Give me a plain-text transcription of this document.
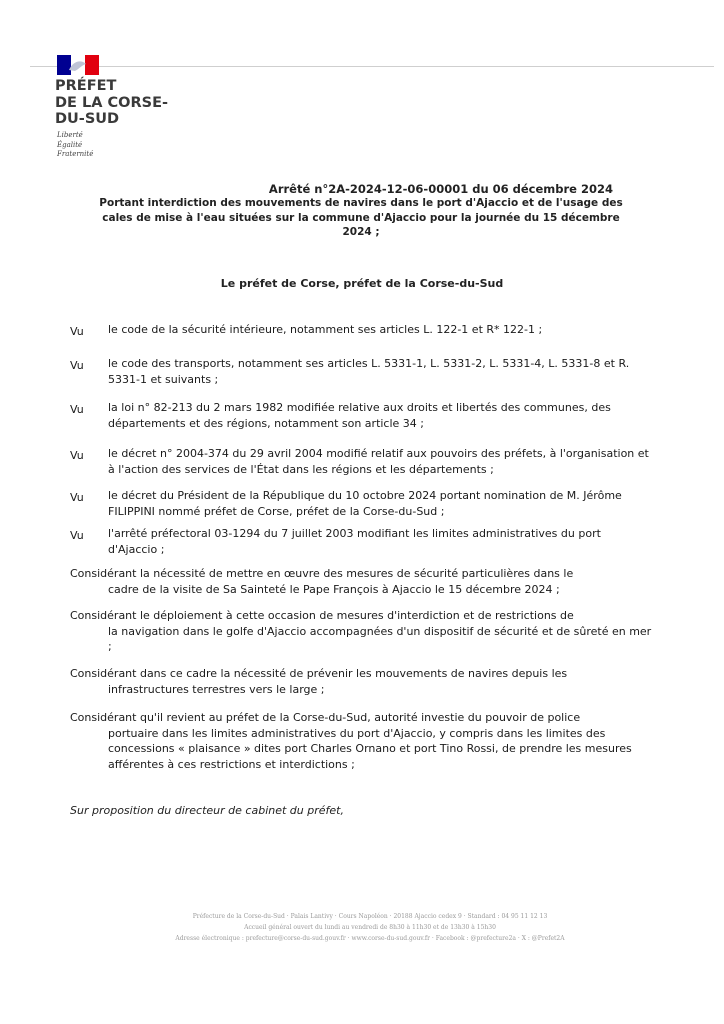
PRÉFET
DE LA CORSE-
DU-SUD
Liberté
Égalité
Fraternité
Arrêté n°2A-2024-12-06-00001 du 06 décembre 2024
Portant interdiction des mouvements de navires dans le port d'Ajaccio et de l'usage des cales de mise à l'eau situées sur la commune d'Ajaccio pour la journée du 15 décembre 2024 ;
Le préfet de Corse, préfet de la Corse-du-Sud
Vu le code de la sécurité intérieure, notamment ses articles L. 122-1 et R* 122-1 ;
Vu le code des transports, notamment ses articles L. 5331-1, L. 5331-2, L. 5331-4, L. 5331-8 et R. 5331-1 et suivants ;
Vu la loi n° 82-213 du 2 mars 1982 modifiée relative aux droits et libertés des communes, des départements et des régions, notamment son article 34 ;
Vu le décret n° 2004-374 du 29 avril 2004 modifié relatif aux pouvoirs des préfets, à l'organisation et à l'action des services de l'État dans les régions et les départements ;
Vu le décret du Président de la République du 10 octobre 2024 portant nomination de M. Jérôme FILIPPINI nommé préfet de Corse, préfet de la Corse-du-Sud ;
Vu l'arrêté préfectoral 03-1294 du 7 juillet 2003 modifiant les limites administratives du port d'Ajaccio ;
Considérant la nécessité de mettre en œuvre des mesures de sécurité particulières dans le
cadre de la visite de Sa Sainteté le Pape François à Ajaccio le 15 décembre 2024 ;
Considérant le déploiement à cette occasion de mesures d'interdiction et de restrictions de
la navigation dans le golfe d'Ajaccio accompagnées d'un dispositif de sécurité et de sûreté en mer ;
Considérant dans ce cadre la nécessité de prévenir les mouvements de navires depuis les
infrastructures terrestres vers le large ;
Considérant qu'il revient au préfet de la Corse-du-Sud, autorité investie du pouvoir de police
portuaire dans les limites administratives du port d'Ajaccio, y compris dans les limites des concessions « plaisance » dites port Charles Ornano et port Tino Rossi, de prendre les mesures afférentes à ces restrictions et interdictions ;
Sur proposition du directeur de cabinet du préfet,
Préfecture de la Corse-du-Sud · Palais Lantivy · Cours Napoléon · 20188 Ajaccio cedex 9 · Standard : 04 95 11 12 13
Accueil général ouvert du lundi au vendredi de 8h30 à 11h30 et de 13h30 à 15h30
Adresse électronique : prefecture@corse-du-sud.gouv.fr · www.corse-du-sud.gouv.fr · Facebook : @prefecture2a · X : @Prefet2A
